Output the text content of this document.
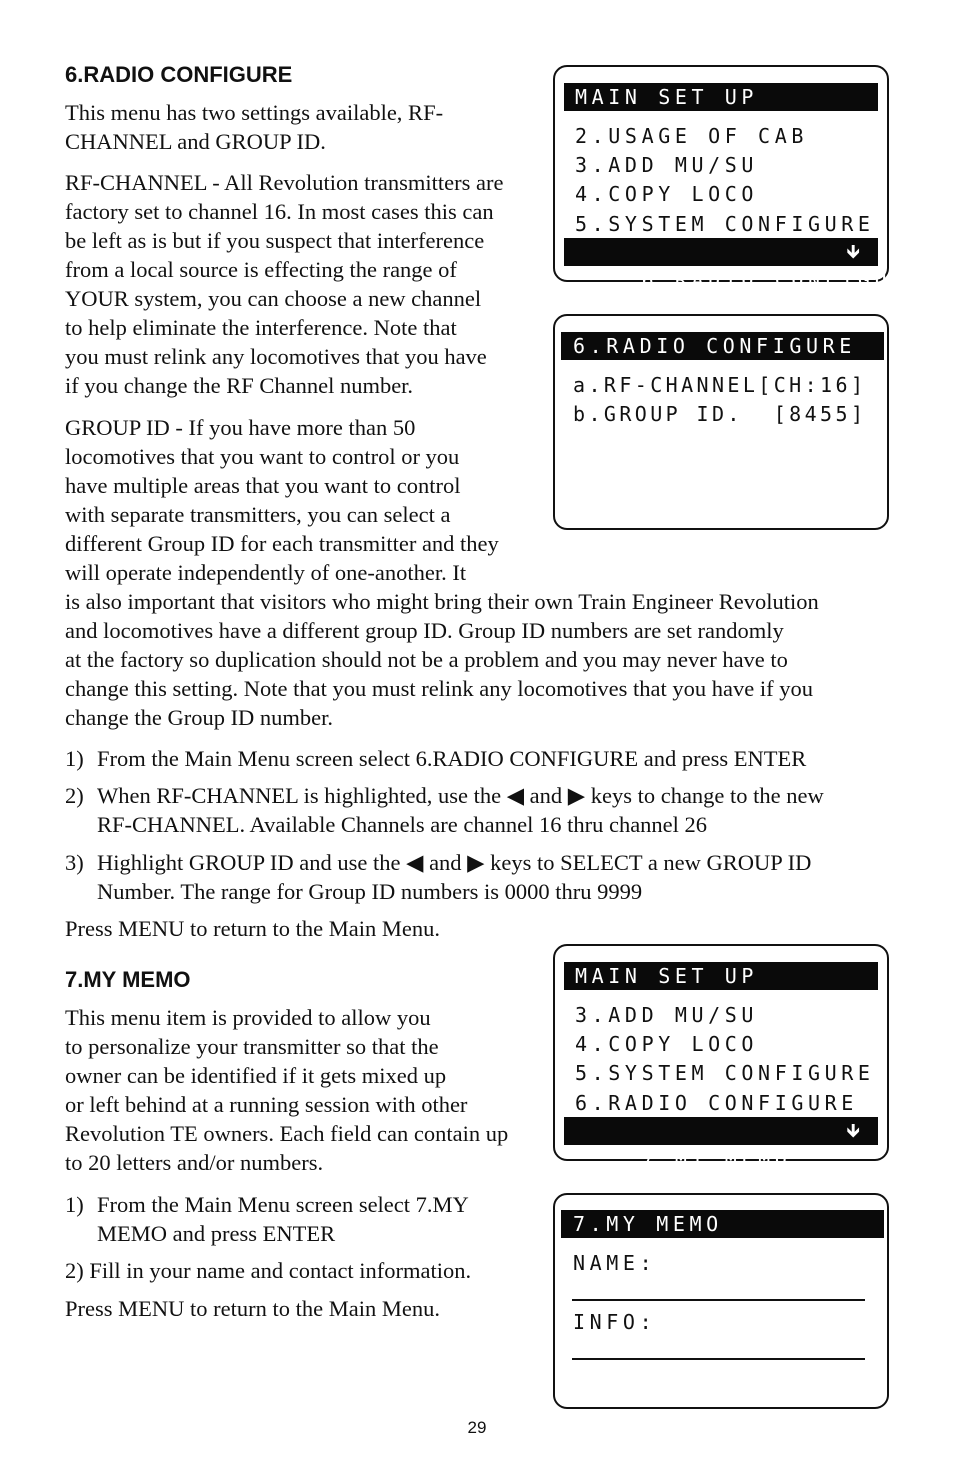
6.RADIO CONFIGURE

This menu has two settings available, RF-
CHANNEL and GROUP ID.

RF-CHANNEL - All Revolution transmitters are
factory set to channel 16. In most cases this can
be left as is but if you suspect that interference
from a local source is effecting the range of
YOUR system, you can choose a new channel
to help eliminate the interference. Note that
you must relink any locomotives that you have
if you change the RF Channel number.

GROUP ID - If you have more than 50
locomotives that you want to control or you
have multiple areas that you want to control
with separate transmitters, you can select a
different Group ID for each transmitter and they
will operate independently of one-another. It
is also important that visitors who might bring their own Train Engineer Revolution
and locomotives have a different group ID. Group ID numbers are set randomly
at the factory so duplication should not be a problem and you may never have to
change this setting. Note that you must relink any locomotives that you have if you
change the Group ID number.

1) From the Main Menu screen select 6.RADIO CONFIGURE and press ENTER
2) When RF-CHANNEL is highlighted, use the ◀ and ▶ keys to change to the new
RF-CHANNEL. Available Channels are channel 16 thru channel 26
3) Highlight GROUP ID and use the ◀ and ▶ keys to SELECT a new GROUP ID
Number. The range for Group ID numbers is 0000 thru 9999

Press MENU to return to the Main Menu.

7.MY MEMO

This menu item is provided to allow you
to personalize your transmitter so that the
owner can be identified if it gets mixed up
or left behind at a running session with other
Revolution TE owners. Each field can contain up
to 20 letters and/or numbers.

1) From the Main Menu screen select 7.MY
MEMO and press ENTER

2) Fill in your name and contact information.

Press MENU to return to the Main Menu.

MAIN SET UP
2.USAGE OF CAB
3.ADD MU/SU
4.COPY LOCO
5.SYSTEM CONFIGURE

6.RADIO CONFIGURE
🡻

6.RADIO CONFIGURE
a.RF-CHANNEL[CH:16]
b.GROUP ID.  [8455]
MAIN SET UP
3.ADD MU/SU
4.COPY LOCO
5.SYSTEM CONFIGURE
6.RADIO CONFIGURE

7.MY MEMO
🡻

7.MY MEMO
NAME:
INFO:
29
